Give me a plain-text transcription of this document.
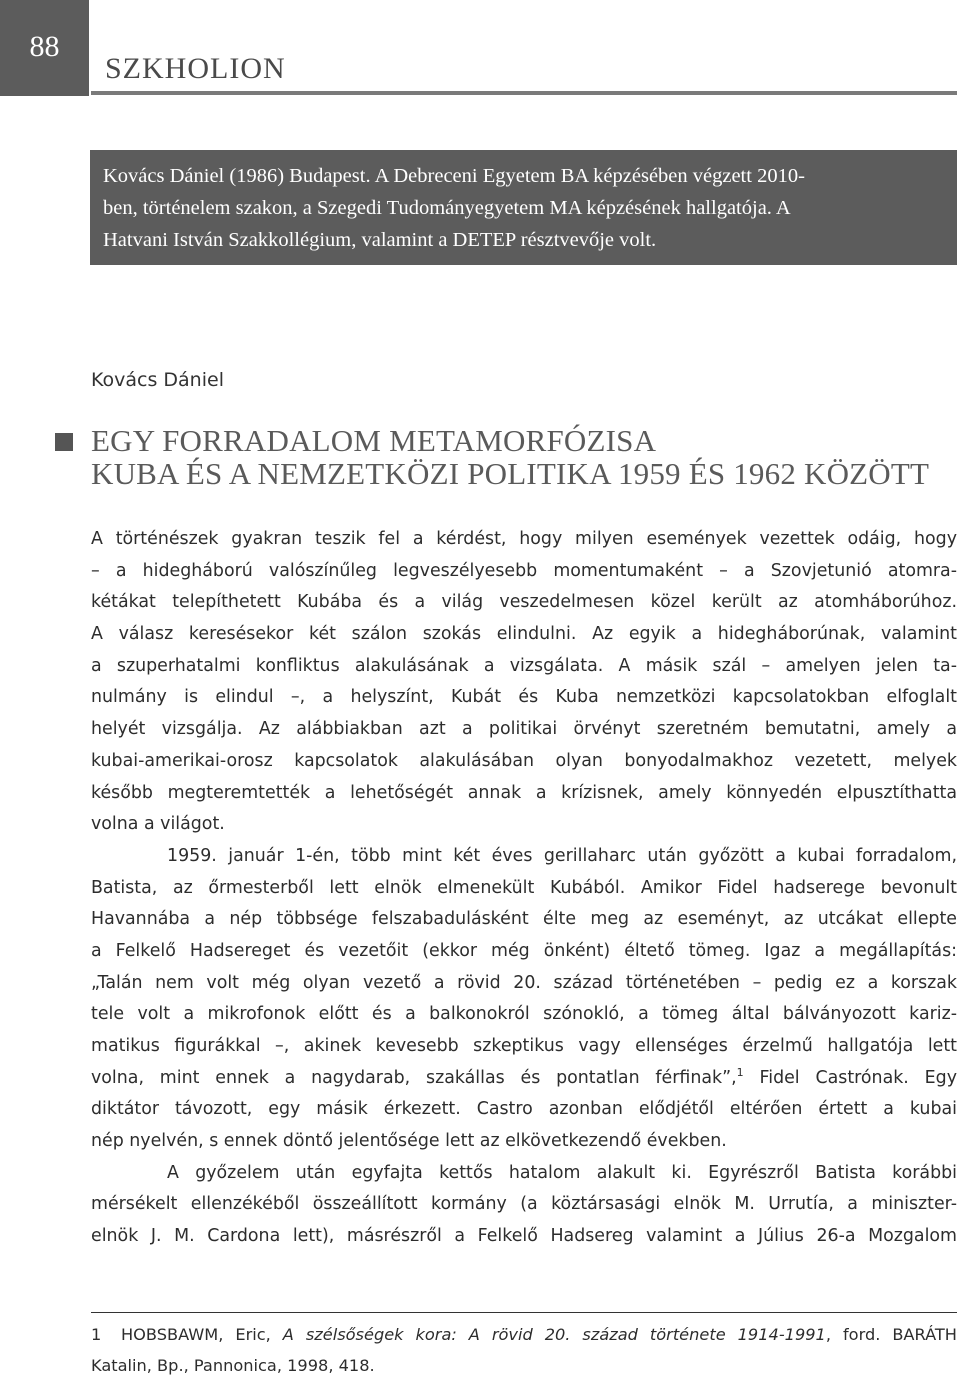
88
SZKHOLION
Kovács Dániel (1986) Budapest. A Debreceni Egyetem BA képzésében végzett 2010-
ben, történelem szakon, a Szegedi Tudományegyetem MA képzésének hallgatója. A
Hatvani István Szakkollégium, valamint a DETEP résztvevője volt.
Kovács Dániel
EGY FORRADALOM METAMORFÓZISA
KUBA ÉS A NEMZETKÖZI POLITIKA 1959 ÉS 1962 KÖZÖTT
A történészek gyakran teszik fel a kérdést, hogy milyen események vezettek odáig, hogy
– a hidegháború valószínűleg legveszélyesebb momentumaként – a Szovjetunió atomra-
kétákat telepíthetett Kubába és a világ veszedelmesen közel került az atomháborúhoz.
A válasz keresésekor két szálon szokás elindulni. Az egyik a hidegháborúnak, valamint
a szuperhatalmi konfliktus alakulásának a vizsgálata. A másik szál – amelyen jelen ta-
nulmány is elindul –, a helyszínt, Kubát és Kuba nemzetközi kapcsolatokban elfoglalt
helyét vizsgálja. Az alábbiakban azt a politikai örvényt szeretném bemutatni, amely a
kubai-amerikai-orosz kapcsolatok alakulásában olyan bonyodalmakhoz vezetett, melyek
később megteremtették a lehetőségét annak a krízisnek, amely könnyedén elpusztíthatta
volna a világot.
1959. január 1-én, több mint két éves gerillaharc után győzött a kubai forradalom,
Batista, az őrmesterből lett elnök elmenekült Kubából. Amikor Fidel hadserege bevonult
Havannába a nép többsége felszabadulásként élte meg az eseményt, az utcákat ellepte
a Felkelő Hadsereget és vezetőit (ekkor még önként) éltető tömeg. Igaz a megállapítás:
„Talán nem volt még olyan vezető a rövid 20. század történetében – pedig ez a korszak
tele volt a mikrofonok előtt és a balkonokról szónokló, a tömeg által bálványozott kariz-
matikus figurákkal –, akinek kevesebb szkeptikus vagy ellenséges érzelmű hallgatója lett
volna, mint ennek a nagydarab, szakállas és pontatlan férfinak”,$^1$ Fidel Castrónak. Egy
diktátor távozott, egy másik érkezett. Castro azonban elődjétől eltérően értett a kubai
nép nyelvén, s ennek döntő jelentősége lett az elkövetkezendő években.
A győzelem után egyfajta kettős hatalom alakult ki. Egyrészről Batista korábbi
mérsékelt ellenzékéből összeállított kormány (a köztársasági elnök M. Urrutía, a miniszter-
elnök J. M. Cardona lett), másrészről a Felkelő Hadsereg valamint a Július 26-a Mozgalom
1 HOBSBAWM, Eric, A szélsőségek kora: A rövid 20. század története 1914-1991, ford. BARÁTH
Katalin, Bp., Pannonica, 1998, 418.
